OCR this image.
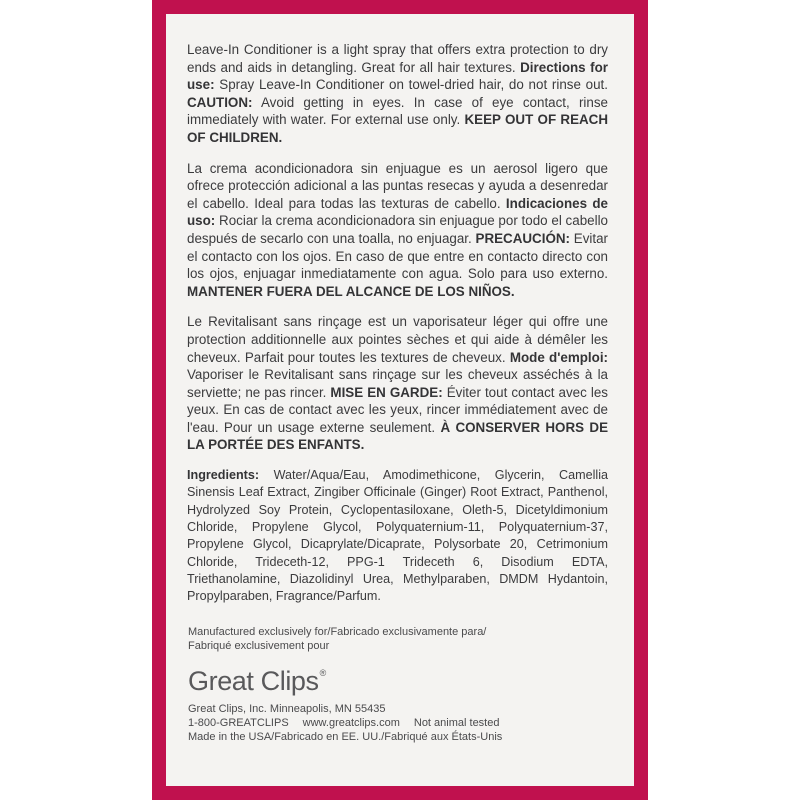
Leave-In Conditioner is a light spray that offers extra protection to dry ends and aids in detangling. Great for all hair textures. Directions for use: Spray Leave-In Conditioner on towel-dried hair, do not rinse out. CAUTION: Avoid getting in eyes. In case of eye contact, rinse immediately with water. For external use only. KEEP OUT OF REACH OF CHILDREN.

La crema acondicionadora sin enjuague es un aerosol ligero que ofrece protección adicional a las puntas resecas y ayuda a desenredar el cabello. Ideal para todas las texturas de cabello. Indicaciones de uso: Rociar la crema acondicionadora sin enjuague por todo el cabello después de secarlo con una toalla, no enjuagar. PRECAUCIÓN: Evitar el contacto con los ojos. En caso de que entre en contacto directo con los ojos, enjuagar inmediatamente con agua. Solo para uso externo. MANTENER FUERA DEL ALCANCE DE LOS NIÑOS.

Le Revitalisant sans rinçage est un vaporisateur léger qui offre une protection additionnelle aux pointes sèches et qui aide à démêler les cheveux. Parfait pour toutes les textures de cheveux. Mode d'emploi: Vaporiser le Revitalisant sans rinçage sur les cheveux asséchés à la serviette; ne pas rincer. MISE EN GARDE: Éviter tout contact avec les yeux. En cas de contact avec les yeux, rincer immédiatement avec de l'eau. Pour un usage externe seulement. À CONSERVER HORS DE LA PORTÉE DES ENFANTS.

Ingredients: Water/Aqua/Eau, Amodimethicone, Glycerin, Camellia Sinensis Leaf Extract, Zingiber Officinale (Ginger) Root Extract, Panthenol, Hydrolyzed Soy Protein, Cyclopentasiloxane, Oleth-5, Dicetyldimonium Chloride, Propylene Glycol, Polyquaternium-11, Polyquaternium-37, Propylene Glycol, Dicaprylate/Dicaprate, Polysorbate 20, Cetrimonium Chloride, Trideceth-12, PPG-1 Trideceth 6, Disodium EDTA, Triethanolamine, Diazolidinyl Urea, Methylparaben, DMDM Hydantoin, Propylparaben, Fragrance/Parfum.

Manufactured exclusively for/Fabricado exclusivamente para/
Fabriqué exclusivement pour
Great Clips®
Great Clips, Inc. Minneapolis, MN 55435
1-800-GREATCLIPS www.greatclips.com Not animal tested
Made in the USA/Fabricado en EE. UU./Fabriqué aux États-Unis
